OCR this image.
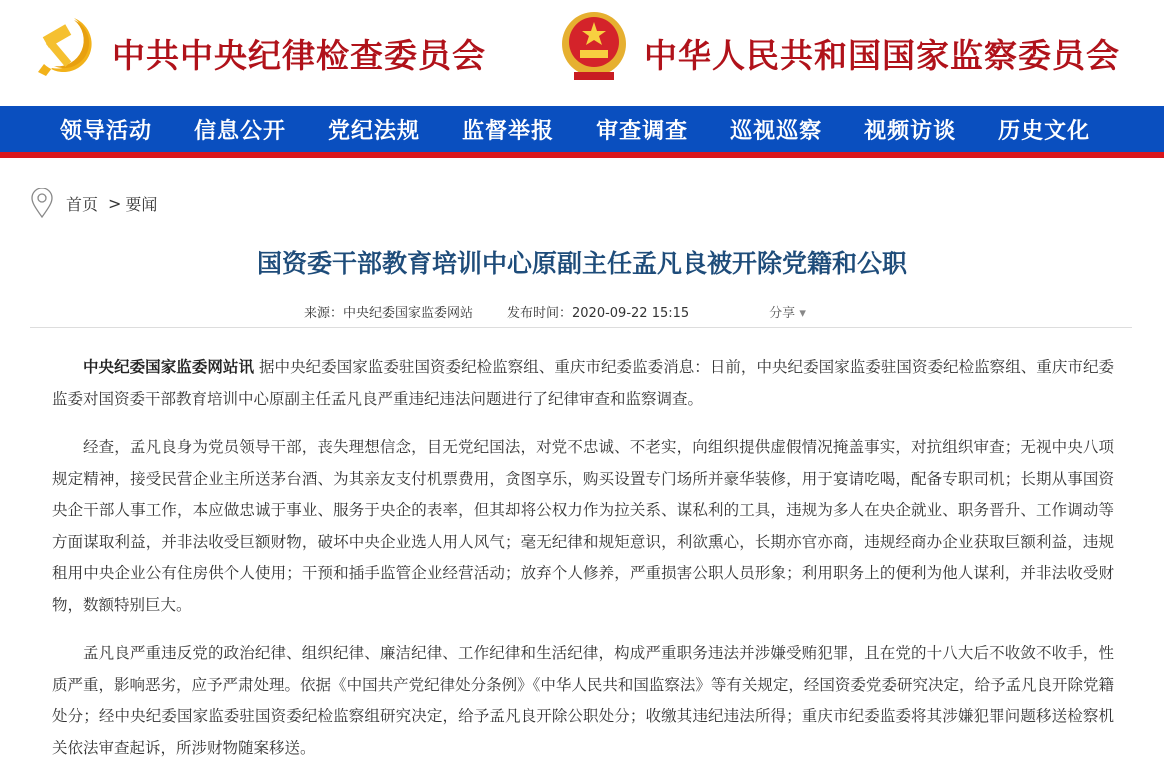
中共中央纪律检查委员会	中华人民共和国国家监察委员会
领导活动 信息公开 党纪法规 监督举报 审查调查 巡视巡察 视频访谈 历史文化
首页 > 要闻
国资委干部教育培训中心原副主任孟凡良被开除党籍和公职
来源：中央纪委国家监委网站	发布时间：2020-09-22 15:15	分享 ▾

中央纪委国家监委网站讯 据中央纪委国家监委驻国资委纪检监察组、重庆市纪委监委消息：日前，中央纪委国家监委驻国资委纪检监察组、重庆市纪委监委对国资委干部教育培训中心原副主任孟凡良严重违纪违法问题进行了纪律审查和监察调查。

经查，孟凡良身为党员领导干部，丧失理想信念，目无党纪国法，对党不忠诚、不老实，向组织提供虚假情况掩盖事实，对抗组织审查；无视中央八项规定精神，接受民营企业主所送茅台酒、为其亲友支付机票费用，贪图享乐，购买设置专门场所并豪华装修，用于宴请吃喝，配备专职司机；长期从事国资央企干部人事工作，本应做忠诚于事业、服务于央企的表率，但其却将公权力作为拉关系、谋私利的工具，违规为多人在央企就业、职务晋升、工作调动等方面谋取利益，并非法收受巨额财物，破坏中央企业选人用人风气；毫无纪律和规矩意识，利欲熏心，长期亦官亦商，违规经商办企业获取巨额利益，违规租用中央企业公有住房供个人使用；干预和插手监管企业经营活动；放弃个人修养，严重损害公职人员形象；利用职务上的便利为他人谋利，并非法收受财物，数额特别巨大。

孟凡良严重违反党的政治纪律、组织纪律、廉洁纪律、工作纪律和生活纪律，构成严重职务违法并涉嫌受贿犯罪，且在党的十八大后不收敛不收手，性质严重，影响恶劣，应予严肃处理。依据《中国共产党纪律处分条例》《中华人民共和国监察法》等有关规定，经国资委党委研究决定，给予孟凡良开除党籍处分；经中央纪委国家监委驻国资委纪检监察组研究决定，给予孟凡良开除公职处分；收缴其违纪违法所得；重庆市纪委监委将其涉嫌犯罪问题移送检察机关依法审查起诉，所涉财物随案移送。
